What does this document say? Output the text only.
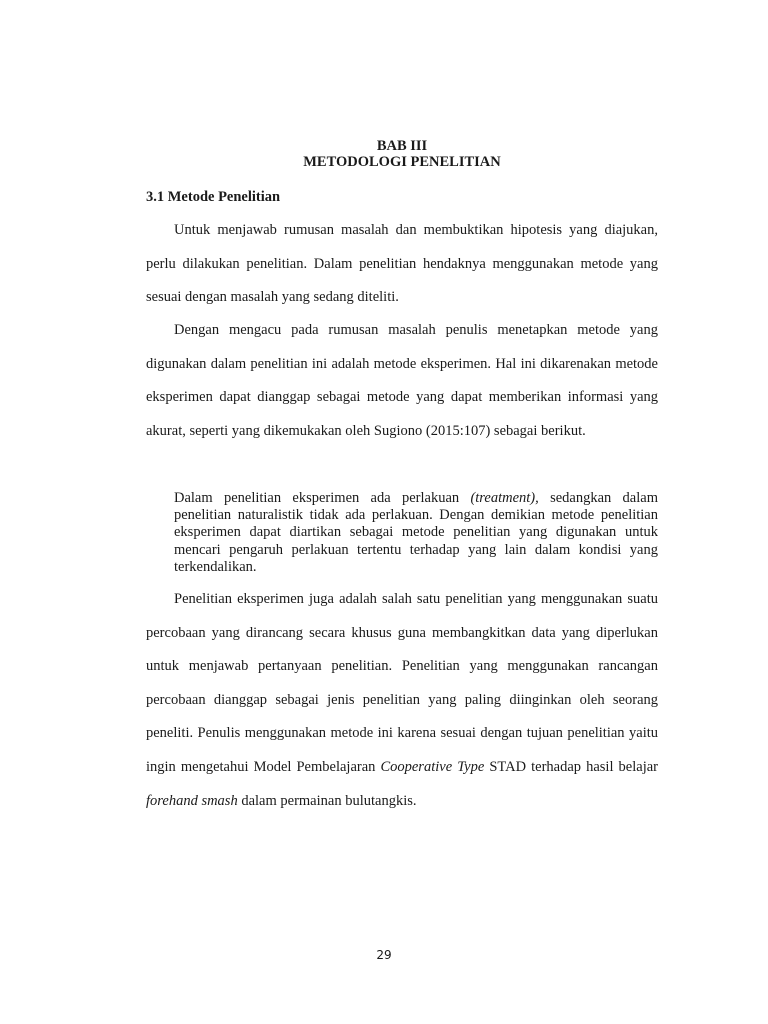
BAB III
METODOLOGI PENELITIAN
3.1 Metode Penelitian

Untuk menjawab rumusan masalah dan membuktikan hipotesis yang diajukan, perlu dilakukan penelitian. Dalam penelitian hendaknya menggunakan metode yang sesuai dengan masalah yang sedang diteliti.

Dengan mengacu pada rumusan masalah penulis menetapkan metode yang digunakan dalam penelitian ini adalah metode eksperimen. Hal ini dikarenakan metode eksperimen dapat dianggap sebagai metode yang dapat memberikan informasi yang akurat, seperti yang dikemukakan oleh Sugiono (2015:107) sebagai berikut.

Dalam penelitian eksperimen ada perlakuan (treatment), sedangkan dalam penelitian naturalistik tidak ada perlakuan. Dengan demikian metode penelitian eksperimen dapat diartikan sebagai metode penelitian yang digunakan untuk mencari pengaruh perlakuan tertentu terhadap yang lain dalam kondisi yang terkendalikan.

Penelitian eksperimen juga adalah salah satu penelitian yang menggunakan suatu percobaan yang dirancang secara khusus guna membangkitkan data yang diperlukan untuk menjawab pertanyaan penelitian. Penelitian yang menggunakan rancangan percobaan dianggap sebagai jenis penelitian yang paling diinginkan oleh seorang peneliti. Penulis menggunakan metode ini karena sesuai dengan tujuan penelitian yaitu ingin mengetahui Model Pembelajaran Cooperative Type STAD terhadap hasil belajar forehand smash dalam permainan bulutangkis.

29
